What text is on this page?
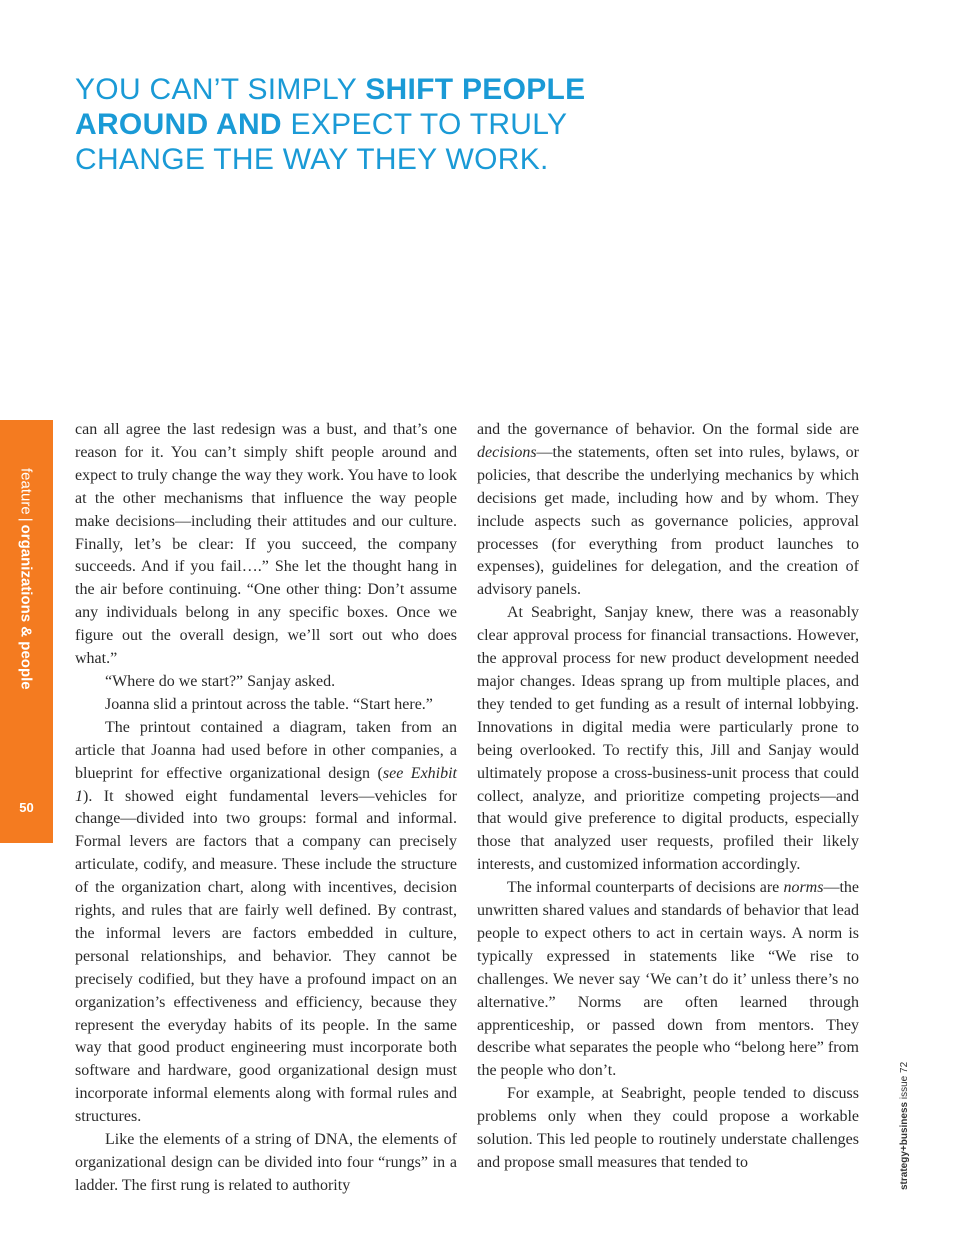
YOU CAN’T SIMPLY SHIFT PEOPLE
AROUND AND EXPECT TO TRULY
CHANGE THE WAY THEY WORK.
feature|organizations & people
50

can all agree the last redesign was a bust, and that’s one reason for it. You can’t simply shift people around and expect to truly change the way they work. You have to look at the other mechanisms that influence the way people make decisions—including their attitudes and our culture. Finally, let’s be clear: If you succeed, the company succeeds. And if you fail….” She let the thought hang in the air before continuing. “One other thing: Don’t assume any individuals belong in any specific boxes. Once we figure out the overall design, we’ll sort out who does what.”

“Where do we start?” Sanjay asked.

Joanna slid a printout across the table. “Start here.”

The printout contained a diagram, taken from an article that Joanna had used before in other companies, a blueprint for effective organizational design (see Exhibit 1). It showed eight fundamental levers—vehicles for change—divided into two groups: formal and informal. Formal levers are factors that a company can precisely articulate, codify, and measure. These include the structure of the organization chart, along with incentives, decision rights, and rules that are fairly well defined. By contrast, the informal levers are factors embedded in culture, personal relationships, and behavior. They cannot be precisely codified, but they have a profound impact on an organization’s effectiveness and efficiency, because they represent the everyday habits of its people. In the same way that good product engineering must incorporate both software and hardware, good organizational design must incorporate informal elements along with formal rules and structures.

Like the elements of a string of DNA, the elements of organizational design can be divided into four “rungs” in a ladder. The first rung is related to authority

and the governance of behavior. On the formal side are decisions—the statements, often set into rules, bylaws, or policies, that describe the underlying mechanics by which decisions get made, including how and by whom. They include aspects such as governance policies, approval processes (for everything from product launches to expenses), guidelines for delegation, and the creation of advisory panels.

At Seabright, Sanjay knew, there was a reasonably clear approval process for financial transactions. However, the approval process for new product development needed major changes. Ideas sprang up from multiple places, and they tended to get funding as a result of internal lobbying. Innovations in digital media were particularly prone to being overlooked. To rectify this, Jill and Sanjay would ultimately propose a cross-business-unit process that could collect, analyze, and prioritize competing projects—and that would give preference to digital products, especially those that analyzed user requests, profiled their likely interests, and customized information accordingly.

The informal counterparts of decisions are norms—the unwritten shared values and standards of behavior that lead people to expect others to act in certain ways. A norm is typically expressed in statements like “We rise to challenges. We never say ‘We can’t do it’ unless there’s no alternative.” Norms are often learned through apprenticeship, or passed down from mentors. They describe what separates the people who “belong here” from the people who don’t.

For example, at Seabright, people tended to discuss problems only when they could propose a workable solution. This led people to routinely understate challenges and propose small measures that tended to	strategy+business issue 72
